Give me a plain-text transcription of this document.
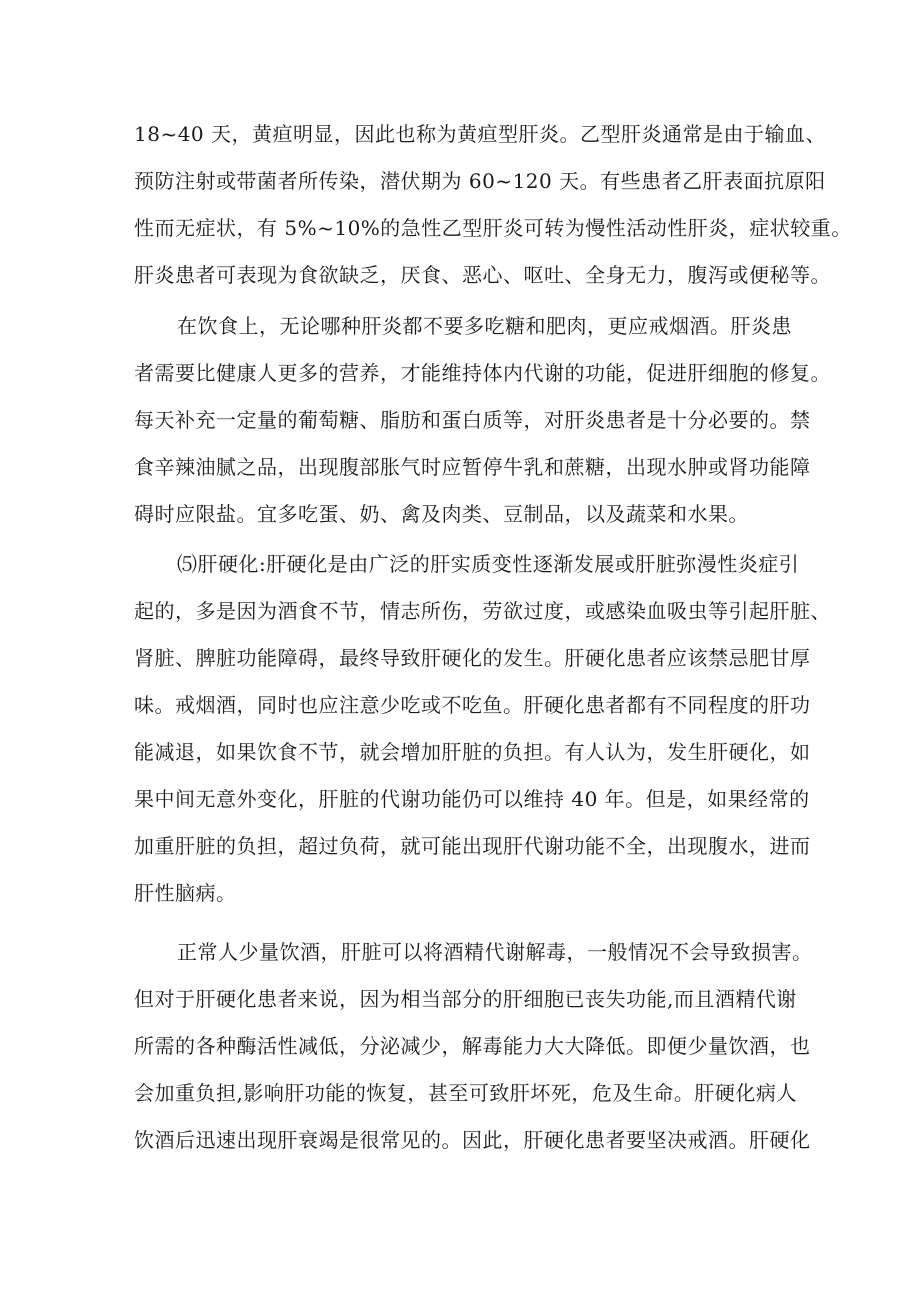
18~40 天，黄疸明显，因此也称为黄疸型肝炎。乙型肝炎通常是由于输血、

预防注射或带菌者所传染，潜伏期为 60~120 天。有些患者乙肝表面抗原阳

性而无症状，有 5%~10%的急性乙型肝炎可转为慢性活动性肝炎，症状较重。

肝炎患者可表现为食欲缺乏，厌食、恶心、呕吐、全身无力，腹泻或便秘等。

在饮食上，无论哪种肝炎都不要多吃糖和肥肉，更应戒烟酒。肝炎患

者需要比健康人更多的营养，才能维持体内代谢的功能，促进肝细胞的修复。

每天补充一定量的葡萄糖、脂肪和蛋白质等，对肝炎患者是十分必要的。禁

食辛辣油腻之品，出现腹部胀气时应暂停牛乳和蔗糖，出现水肿或肾功能障

碍时应限盐。宜多吃蛋、奶、禽及肉类、豆制品，以及蔬菜和水果。

⑸肝硬化:肝硬化是由广泛的肝实质变性逐渐发展或肝脏弥漫性炎症引

起的，多是因为酒食不节，情志所伤，劳欲过度，或感染血吸虫等引起肝脏、

肾脏、脾脏功能障碍，最终导致肝硬化的发生。肝硬化患者应该禁忌肥甘厚

味。戒烟酒，同时也应注意少吃或不吃鱼。肝硬化患者都有不同程度的肝功

能减退，如果饮食不节，就会增加肝脏的负担。有人认为，发生肝硬化，如

果中间无意外变化，肝脏的代谢功能仍可以维持 40 年。但是，如果经常的

加重肝脏的负担，超过负荷，就可能出现肝代谢功能不全，出现腹水，进而

肝性脑病。

正常人少量饮酒，肝脏可以将酒精代谢解毒，一般情况不会导致损害。

但对于肝硬化患者来说，因为相当部分的肝细胞已丧失功能,而且酒精代谢

所需的各种酶活性减低，分泌减少，解毒能力大大降低。即便少量饮酒，也

会加重负担,影响肝功能的恢复，甚至可致肝坏死，危及生命。肝硬化病人

饮酒后迅速出现肝衰竭是很常见的。因此，肝硬化患者要坚决戒酒。肝硬化
